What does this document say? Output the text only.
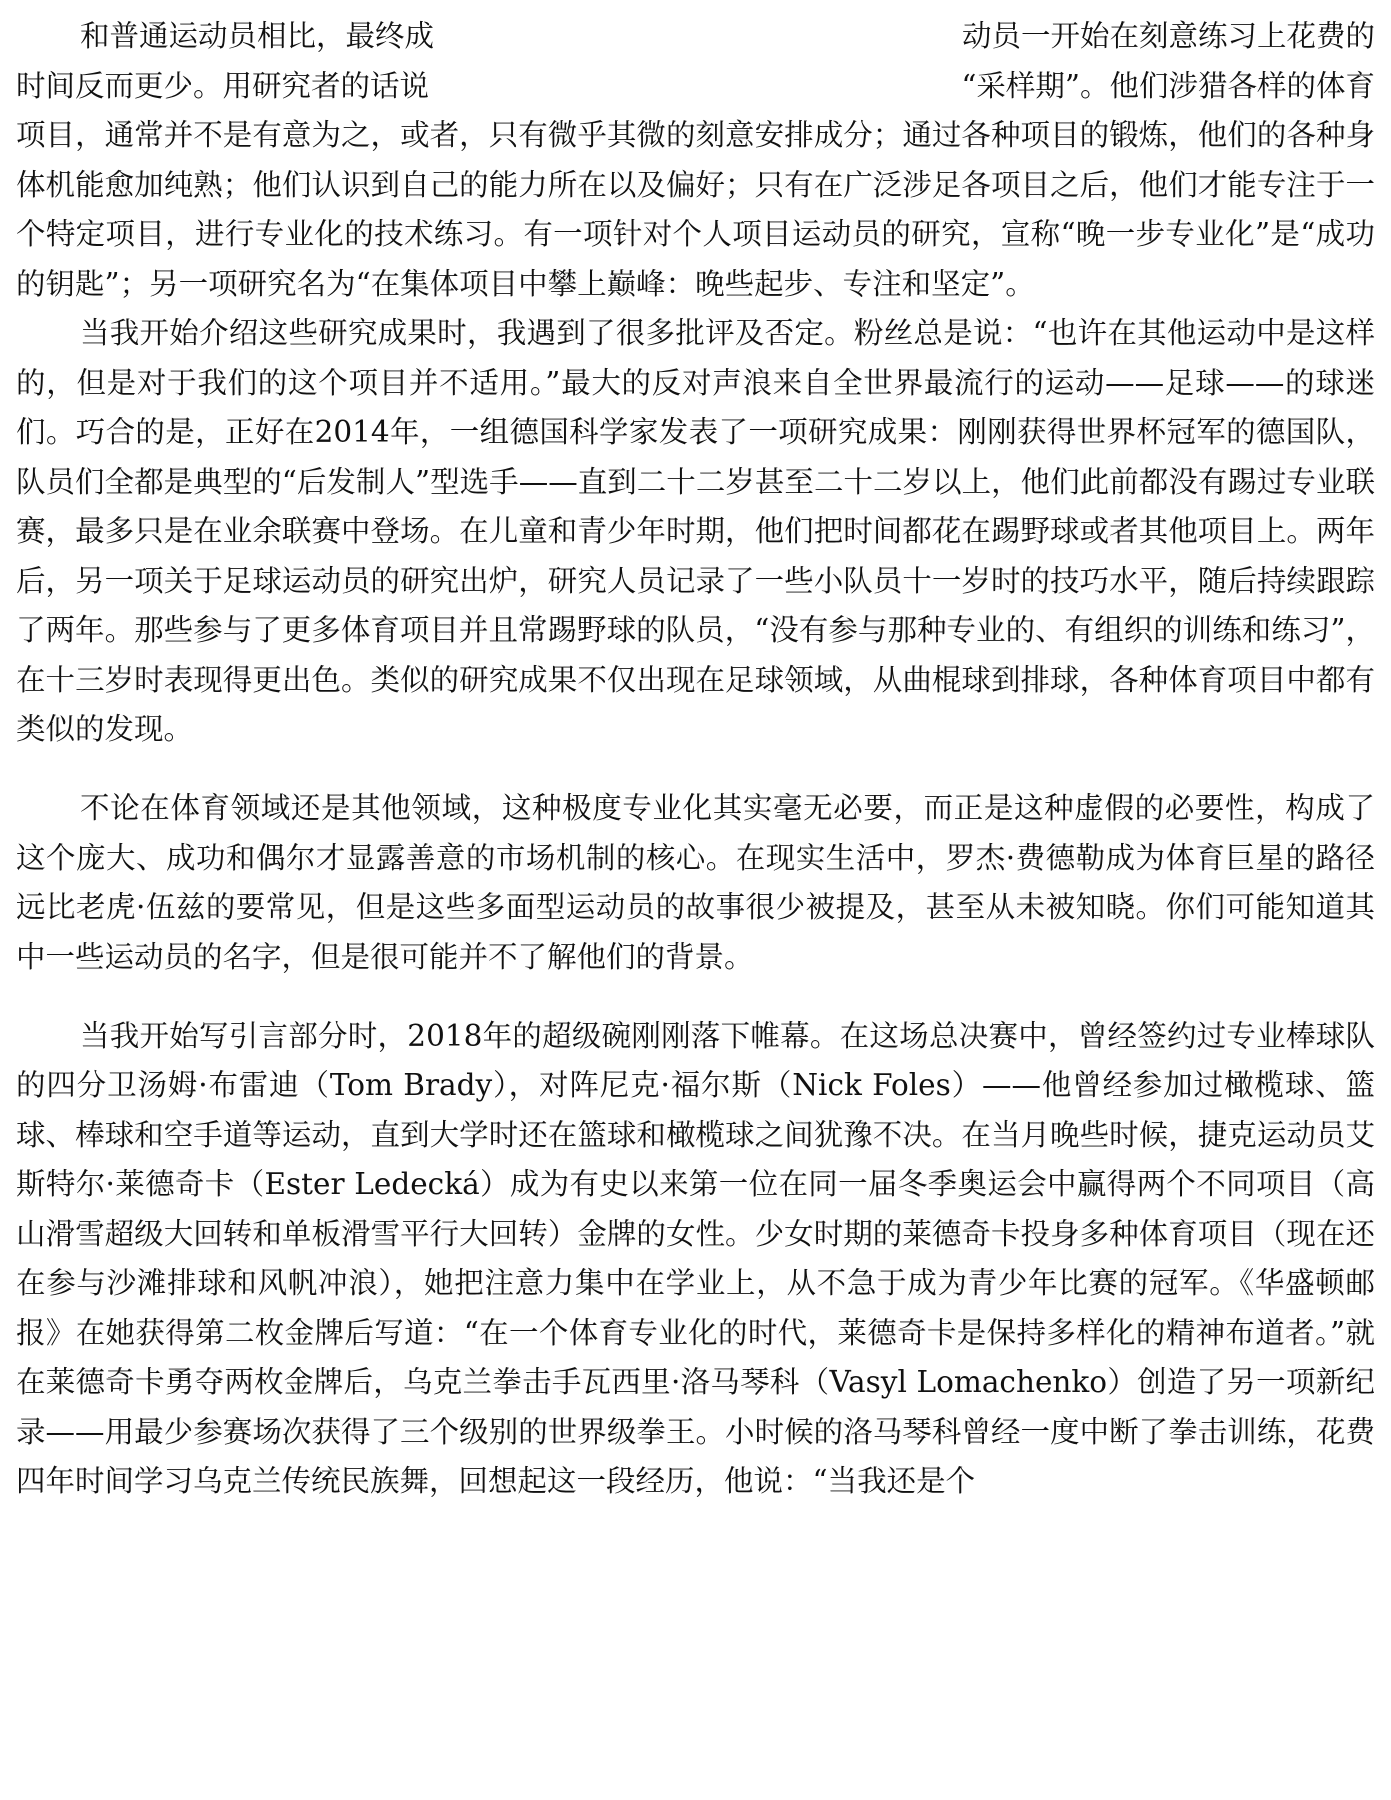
和普通运动员相比，最终成	动员一开始在刻意练习上花费的
时间反而更少。用研究者的话说	“采样期”。他们涉猎各样的体育
项目，通常并不是有意为之，或者，只有微乎其微的刻意安排成分；通过各种项目的锻炼，他们的各种身体机能愈加纯熟；他们认识到自己的能力所在以及偏好；只有在广泛涉足各项目之后，他们才能专注于一个特定项目，进行专业化的技术练习。有一项针对个人项目运动员的研究，宣称“晚一步专业化”是“成功的钥匙”；另一项研究名为“在集体项目中攀上巅峰：晚些起步、专注和坚定”。

当我开始介绍这些研究成果时，我遇到了很多批评及否定。粉丝总是说：“也许在其他运动中是这样的，但是对于我们的这个项目并不适用。”最大的反对声浪来自全世界最流行的运动——足球——的球迷们。巧合的是，正好在2014年，一组德国科学家发表了一项研究成果：刚刚获得世界杯冠军的德国队，队员们全都是典型的“后发制人”型选手——直到二十二岁甚至二十二岁以上，他们此前都没有踢过专业联赛，最多只是在业余联赛中登场。在儿童和青少年时期，他们把时间都花在踢野球或者其他项目上。两年后，另一项关于足球运动员的研究出炉，研究人员记录了一些小队员十一岁时的技巧水平，随后持续跟踪了两年。那些参与了更多体育项目并且常踢野球的队员，“没有参与那种专业的、有组织的训练和练习”，在十三岁时表现得更出色。类似的研究成果不仅出现在足球领域，从曲棍球到排球，各种体育项目中都有类似的发现。

不论在体育领域还是其他领域，这种极度专业化其实毫无必要，而正是这种虚假的必要性，构成了这个庞大、成功和偶尔才显露善意的市场机制的核心。在现实生活中，罗杰·费德勒成为体育巨星的路径远比老虎·伍兹的要常见，但是这些多面型运动员的故事很少被提及，甚至从未被知晓。你们可能知道其中一些运动员的名字，但是很可能并不了解他们的背景。

当我开始写引言部分时，2018年的超级碗刚刚落下帷幕。在这场总决赛中，曾经签约过专业棒球队的四分卫汤姆·布雷迪（Tom Brady），对阵尼克·福尔斯（Nick Foles）——他曾经参加过橄榄球、篮球、棒球和空手道等运动，直到大学时还在篮球和橄榄球之间犹豫不决。在当月晚些时候，捷克运动员艾斯特尔·莱德奇卡（Ester Ledecká）成为有史以来第一位在同一届冬季奥运会中赢得两个不同项目（高山滑雪超级大回转和单板滑雪平行大回转）金牌的女性。少女时期的莱德奇卡投身多种体育项目（现在还在参与沙滩排球和风帆冲浪），她把注意力集中在学业上，从不急于成为青少年比赛的冠军。《华盛顿邮报》在她获得第二枚金牌后写道：“在一个体育专业化的时代，莱德奇卡是保持多样化的精神布道者。”就在莱德奇卡勇夺两枚金牌后，乌克兰拳击手瓦西里·洛马琴科（Vasyl Lomachenko）创造了另一项新纪录——用最少参赛场次获得了三个级别的世界级拳王。小时候的洛马琴科曾经一度中断了拳击训练，花费四年时间学习乌克兰传统民族舞，回想起这一段经历，他说：“当我还是个
